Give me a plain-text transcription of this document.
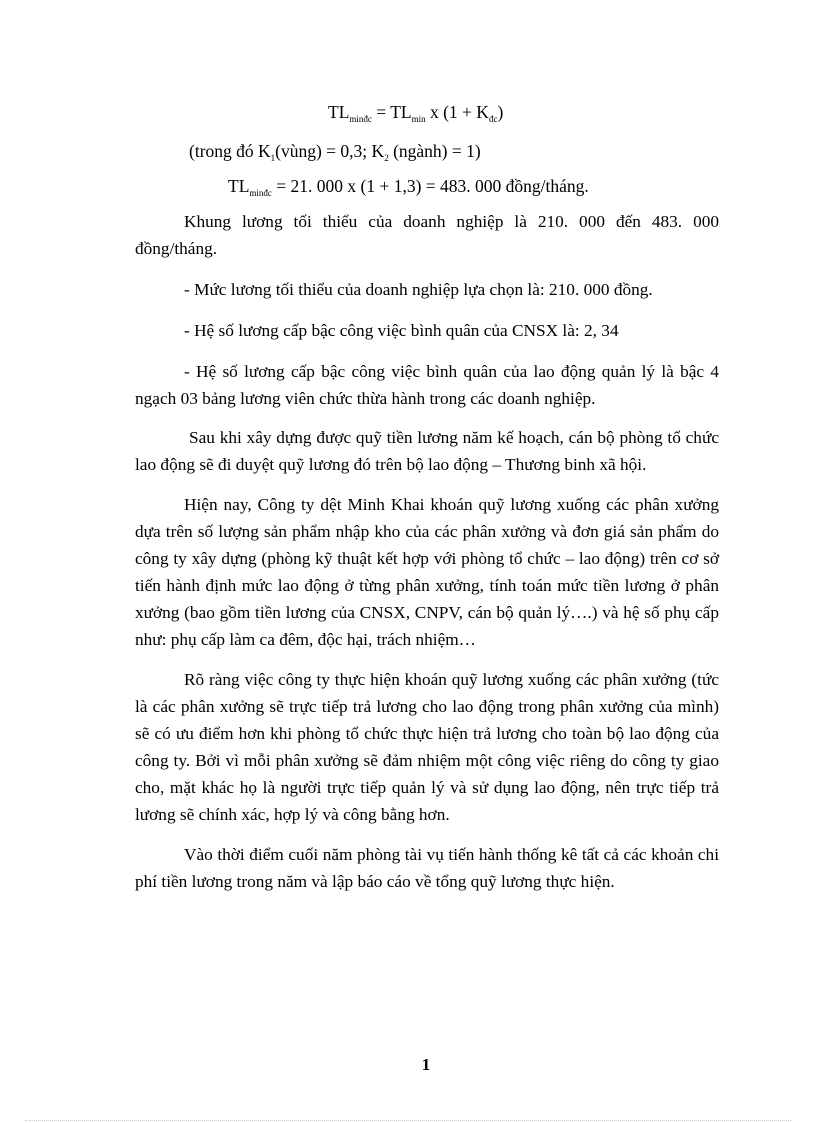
$TL_{minđc} = TL_{min}$ x $(1 + K_{đc})$
(trong đó $K_1(vùng) = 0,3$; $K_2$ (ngành) = 1)
$TL_{minđc} = 21$. 000 x (1 + 1,3) = 483. 000 đồng/tháng.

Khung lương tối thiểu của doanh nghiệp là 210. 000 đến 483. 000 đồng/tháng.

- Mức lương tối thiểu của doanh nghiệp lựa chọn là: 210. 000 đồng.

- Hệ số lương cấp bậc công việc bình quân của CNSX là: 2, 34

- Hệ số lương cấp bậc công việc bình quân của lao động quản lý là bậc 4 ngạch 03 bảng lương viên chức thừa hành trong các doanh nghiệp.

Sau khi xây dựng được quỹ tiền lương năm kế hoạch, cán bộ phòng tổ chức lao động sẽ đi duyệt quỹ lương đó trên bộ lao động – Thương binh xã hội.

Hiện nay, Công ty dệt Minh Khai khoán quỹ lương xuống các phân xưởng dựa trên số lượng sản phẩm nhập kho của các phân xưởng và đơn giá sản phẩm do công ty xây dựng (phòng kỹ thuật kết hợp với phòng tổ chức – lao động) trên cơ sở tiến hành định mức lao động ở từng phân xưởng, tính toán mức tiền lương ở phân xưởng (bao gồm tiền lương của CNSX, CNPV, cán bộ quản lý….) và hệ số phụ cấp như: phụ cấp làm ca đêm, độc hại, trách nhiệm…

Rõ ràng việc công ty thực hiện khoán quỹ lương xuống các phân xưởng (tức là các phân xưởng sẽ trực tiếp trả lương cho lao động trong phân xưởng của mình) sẽ có ưu điểm hơn khi phòng tổ chức thực hiện trả lương cho toàn bộ lao động của công ty. Bởi vì mỗi phân xưởng sẽ đảm nhiệm một công việc riêng do công ty giao cho, mặt khác họ là người trực tiếp quản lý và sử dụng lao động, nên trực tiếp trả lương sẽ chính xác, hợp lý và công bằng hơn.

Vào thời điểm cuối năm phòng tài vụ tiến hành thống kê tất cả các khoản chi phí tiền lương trong năm và lập báo cáo về tổng quỹ lương thực hiện.

1
